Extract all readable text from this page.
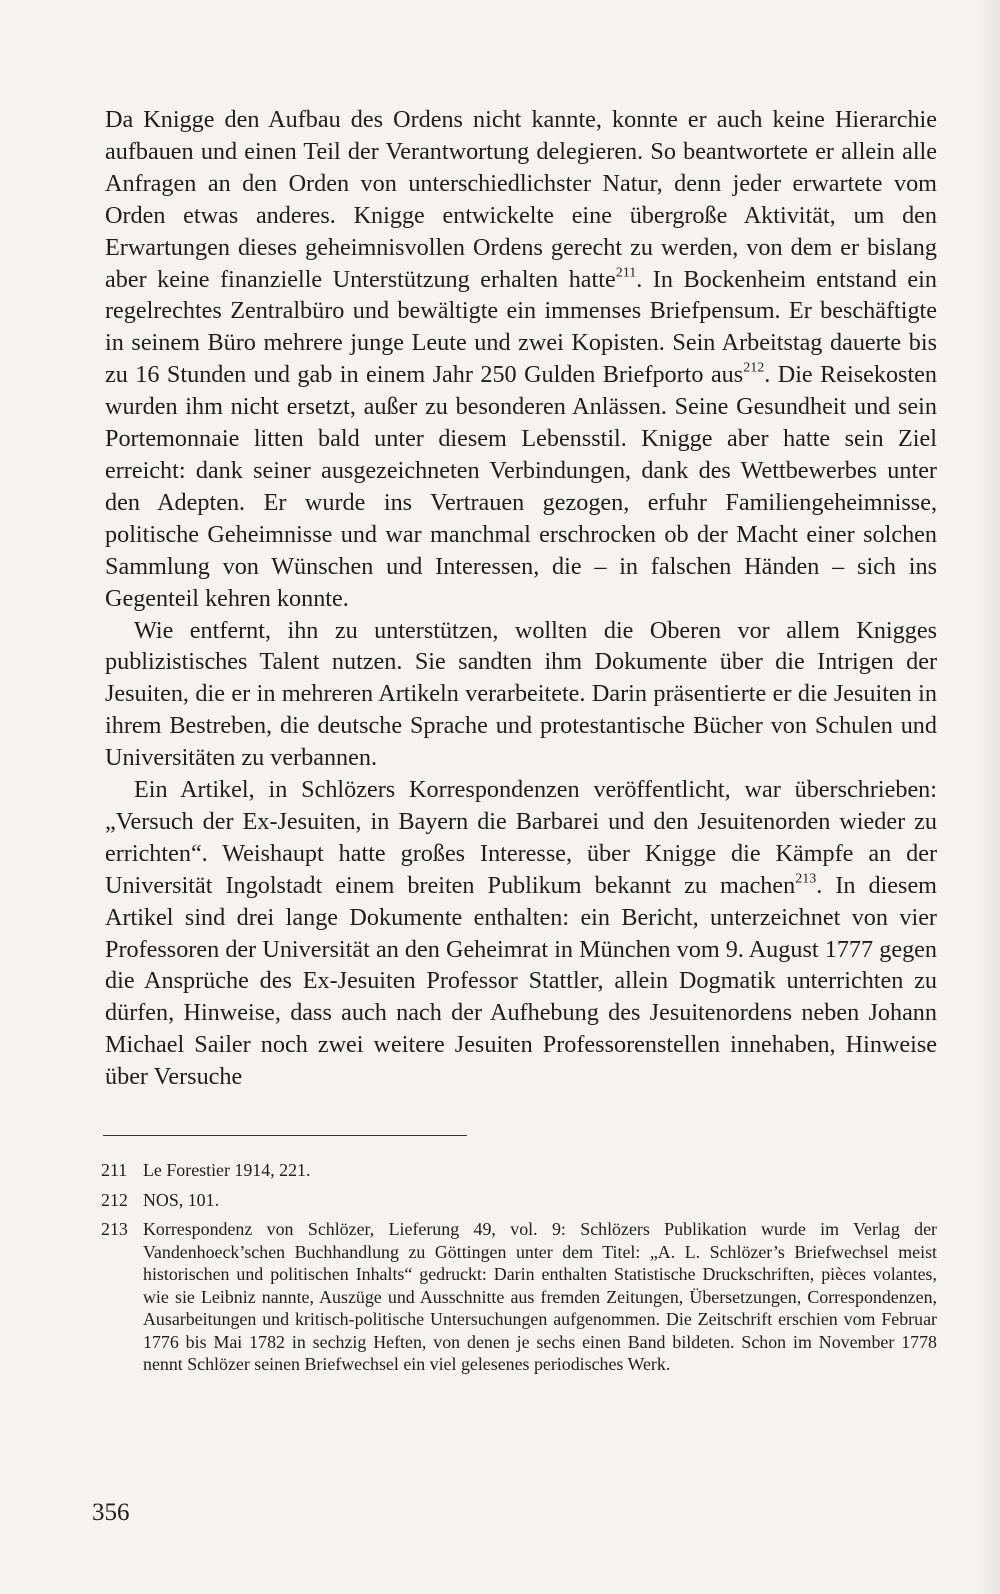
Da Knigge den Aufbau des Ordens nicht kannte, konnte er auch keine Hierarchie aufbauen und einen Teil der Verantwortung delegieren. So beantwortete er allein alle Anfragen an den Orden von unterschiedlichster Natur, denn jeder erwartete vom Orden etwas anderes. Knigge entwickelte eine übergroße Aktivität, um den Erwartungen dieses geheimnisvollen Ordens gerecht zu werden, von dem er bislang aber keine finanzielle Unterstützung erhalten hatte$^{211}$. In Bockenheim entstand ein regelrechtes Zentralbüro und bewältigte ein immenses Briefpensum. Er beschäftigte in seinem Büro mehrere junge Leute und zwei Kopisten. Sein Arbeitstag dauerte bis zu 16 Stunden und gab in einem Jahr 250 Gulden Briefporto aus$^{212}$. Die Reisekosten wurden ihm nicht ersetzt, außer zu besonderen Anlässen. Seine Gesundheit und sein Portemonnaie litten bald unter diesem Lebensstil. Knigge aber hatte sein Ziel erreicht: dank seiner ausgezeichneten Verbindungen, dank des Wettbewerbes unter den Adepten. Er wurde ins Vertrauen gezogen, erfuhr Familiengeheimnisse, politische Geheimnisse und war manchmal erschrocken ob der Macht einer solchen Sammlung von Wünschen und Interessen, die – in falschen Händen – sich ins Gegenteil kehren konnte.

Wie entfernt, ihn zu unterstützen, wollten die Oberen vor allem Knigges publizistisches Talent nutzen. Sie sandten ihm Dokumente über die Intrigen der Jesuiten, die er in mehreren Artikeln verarbeitete. Darin präsentierte er die Jesuiten in ihrem Bestreben, die deutsche Sprache und protestantische Bücher von Schulen und Universitäten zu verbannen.

Ein Artikel, in Schlözers Korrespondenzen veröffentlicht, war überschrieben: „Versuch der Ex-Jesuiten, in Bayern die Barbarei und den Jesuitenorden wieder zu errichten“. Weishaupt hatte großes Interesse, über Knigge die Kämpfe an der Universität Ingolstadt einem breiten Publikum bekannt zu machen$^{213}$. In diesem Artikel sind drei lange Dokumente enthalten: ein Bericht, unterzeichnet von vier Professoren der Universität an den Geheimrat in München vom 9. August 1777 gegen die Ansprüche des Ex-Jesuiten Professor Stattler, allein Dogmatik unterrichten zu dürfen, Hinweise, dass auch nach der Aufhebung des Jesuitenordens neben Johann Michael Sailer noch zwei weitere Jesuiten Professorenstellen innehaben, Hinweise über Versuche

211 Le Forestier 1914, 221.
212 NOS, 101.
213 Korrespondenz von Schlözer, Lieferung 49, vol. 9: Schlözers Publikation wurde im Verlag der Vandenhoeck’schen Buchhandlung zu Göttingen unter dem Titel: „A. L. Schlözer’s Briefwechsel meist historischen und politischen Inhalts“ gedruckt: Darin enthalten Statistische Druckschriften, pièces volantes, wie sie Leibniz nannte, Auszüge und Ausschnitte aus fremden Zeitungen, Übersetzungen, Correspondenzen, Ausarbeitungen und kritisch-politische Untersuchungen aufgenommen. Die Zeitschrift erschien vom Februar 1776 bis Mai 1782 in sechzig Heften, von denen je sechs einen Band bildeten. Schon im November 1778 nennt Schlözer seinen Briefwechsel ein viel gelesenes periodisches Werk.
356
